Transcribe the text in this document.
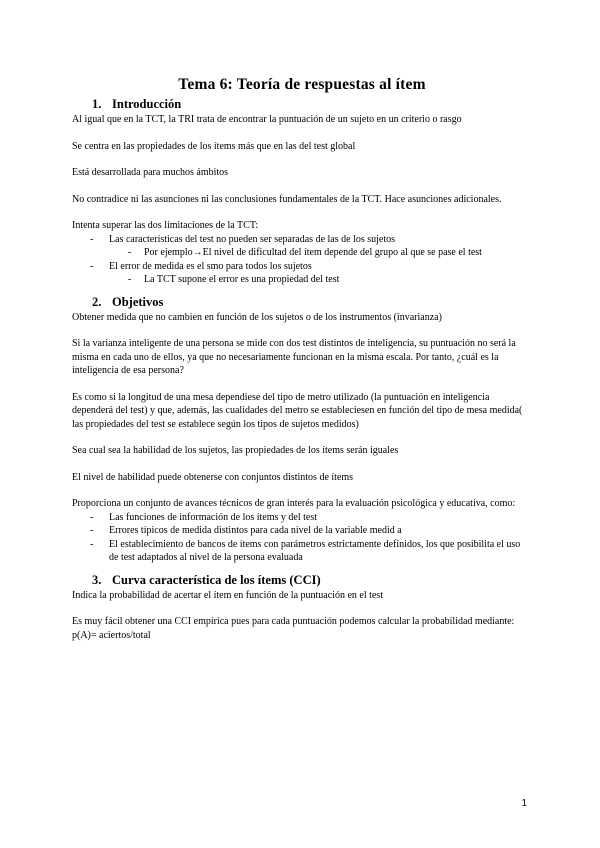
Tema 6: Teoría de respuestas al ítem
1. Introducción

Al igual que en la TCT, la TRI trata de encontrar la puntuación de un sujeto en un criterio o rasgo

Se centra en las propiedades de los ítems más que en las del test global

Está desarrollada para muchos ámbitos

No contradice ni las asunciones ni las conclusiones fundamentales de la TCT. Hace asunciones adicionales.

Intenta superar las dos limitaciones de la TCT:

- Las características del test no pueden ser separadas de las de los sujetos
- Por ejemplo→El nivel de dificultad del ítem depende del grupo al que se pase el test
- El error de medida es el smo para todos los sujetos
- La TCT supone el error es una propiedad del test
2. Objetivos

Obtener medida que no cambien en función de los sujetos o de los instrumentos (invarianza)

Si la varianza inteligente de una persona se mide con dos test distintos de inteligencia, su puntuación no será la misma en cada uno de ellos, ya que no necesariamente funcionan en la misma escala. Por tanto, ¿cuál es la inteligencia de esa persona?

Es como si la longitud de una mesa dependiese del tipo de metro utilizado (la puntuación en inteligencia dependerá del test) y que, además, las cualidades del metro se estableciesen en función del tipo de mesa medida( las propiedades del test se establece según los tipos de sujetos medidos)

Sea cual sea la habilidad de los sujetos, las propiedades de los ítems serán iguales

El nivel de habilidad puede obtenerse con conjuntos distintos de ítems

Proporciona un conjunto de avances técnicos de gran interés para la evaluación psicológica y educativa, como:

- Las funciones de información de los ítems y del test
- Errores típicos de medida distintos para cada nivel de la variable medid a
- El establecimiento de bancos de ítems con parámetros estrictamente definidos, los que posibilita el uso de test adaptados al nivel de la persona evaluada
3. Curva característica de los ítems (CCI)

Indica la probabilidad de acertar el ítem en función de la puntuación en el test

Es muy fácil obtener una CCI empírica pues para cada puntuación podemos calcular la probabilidad mediante:

p(A)= aciertos/total

1
